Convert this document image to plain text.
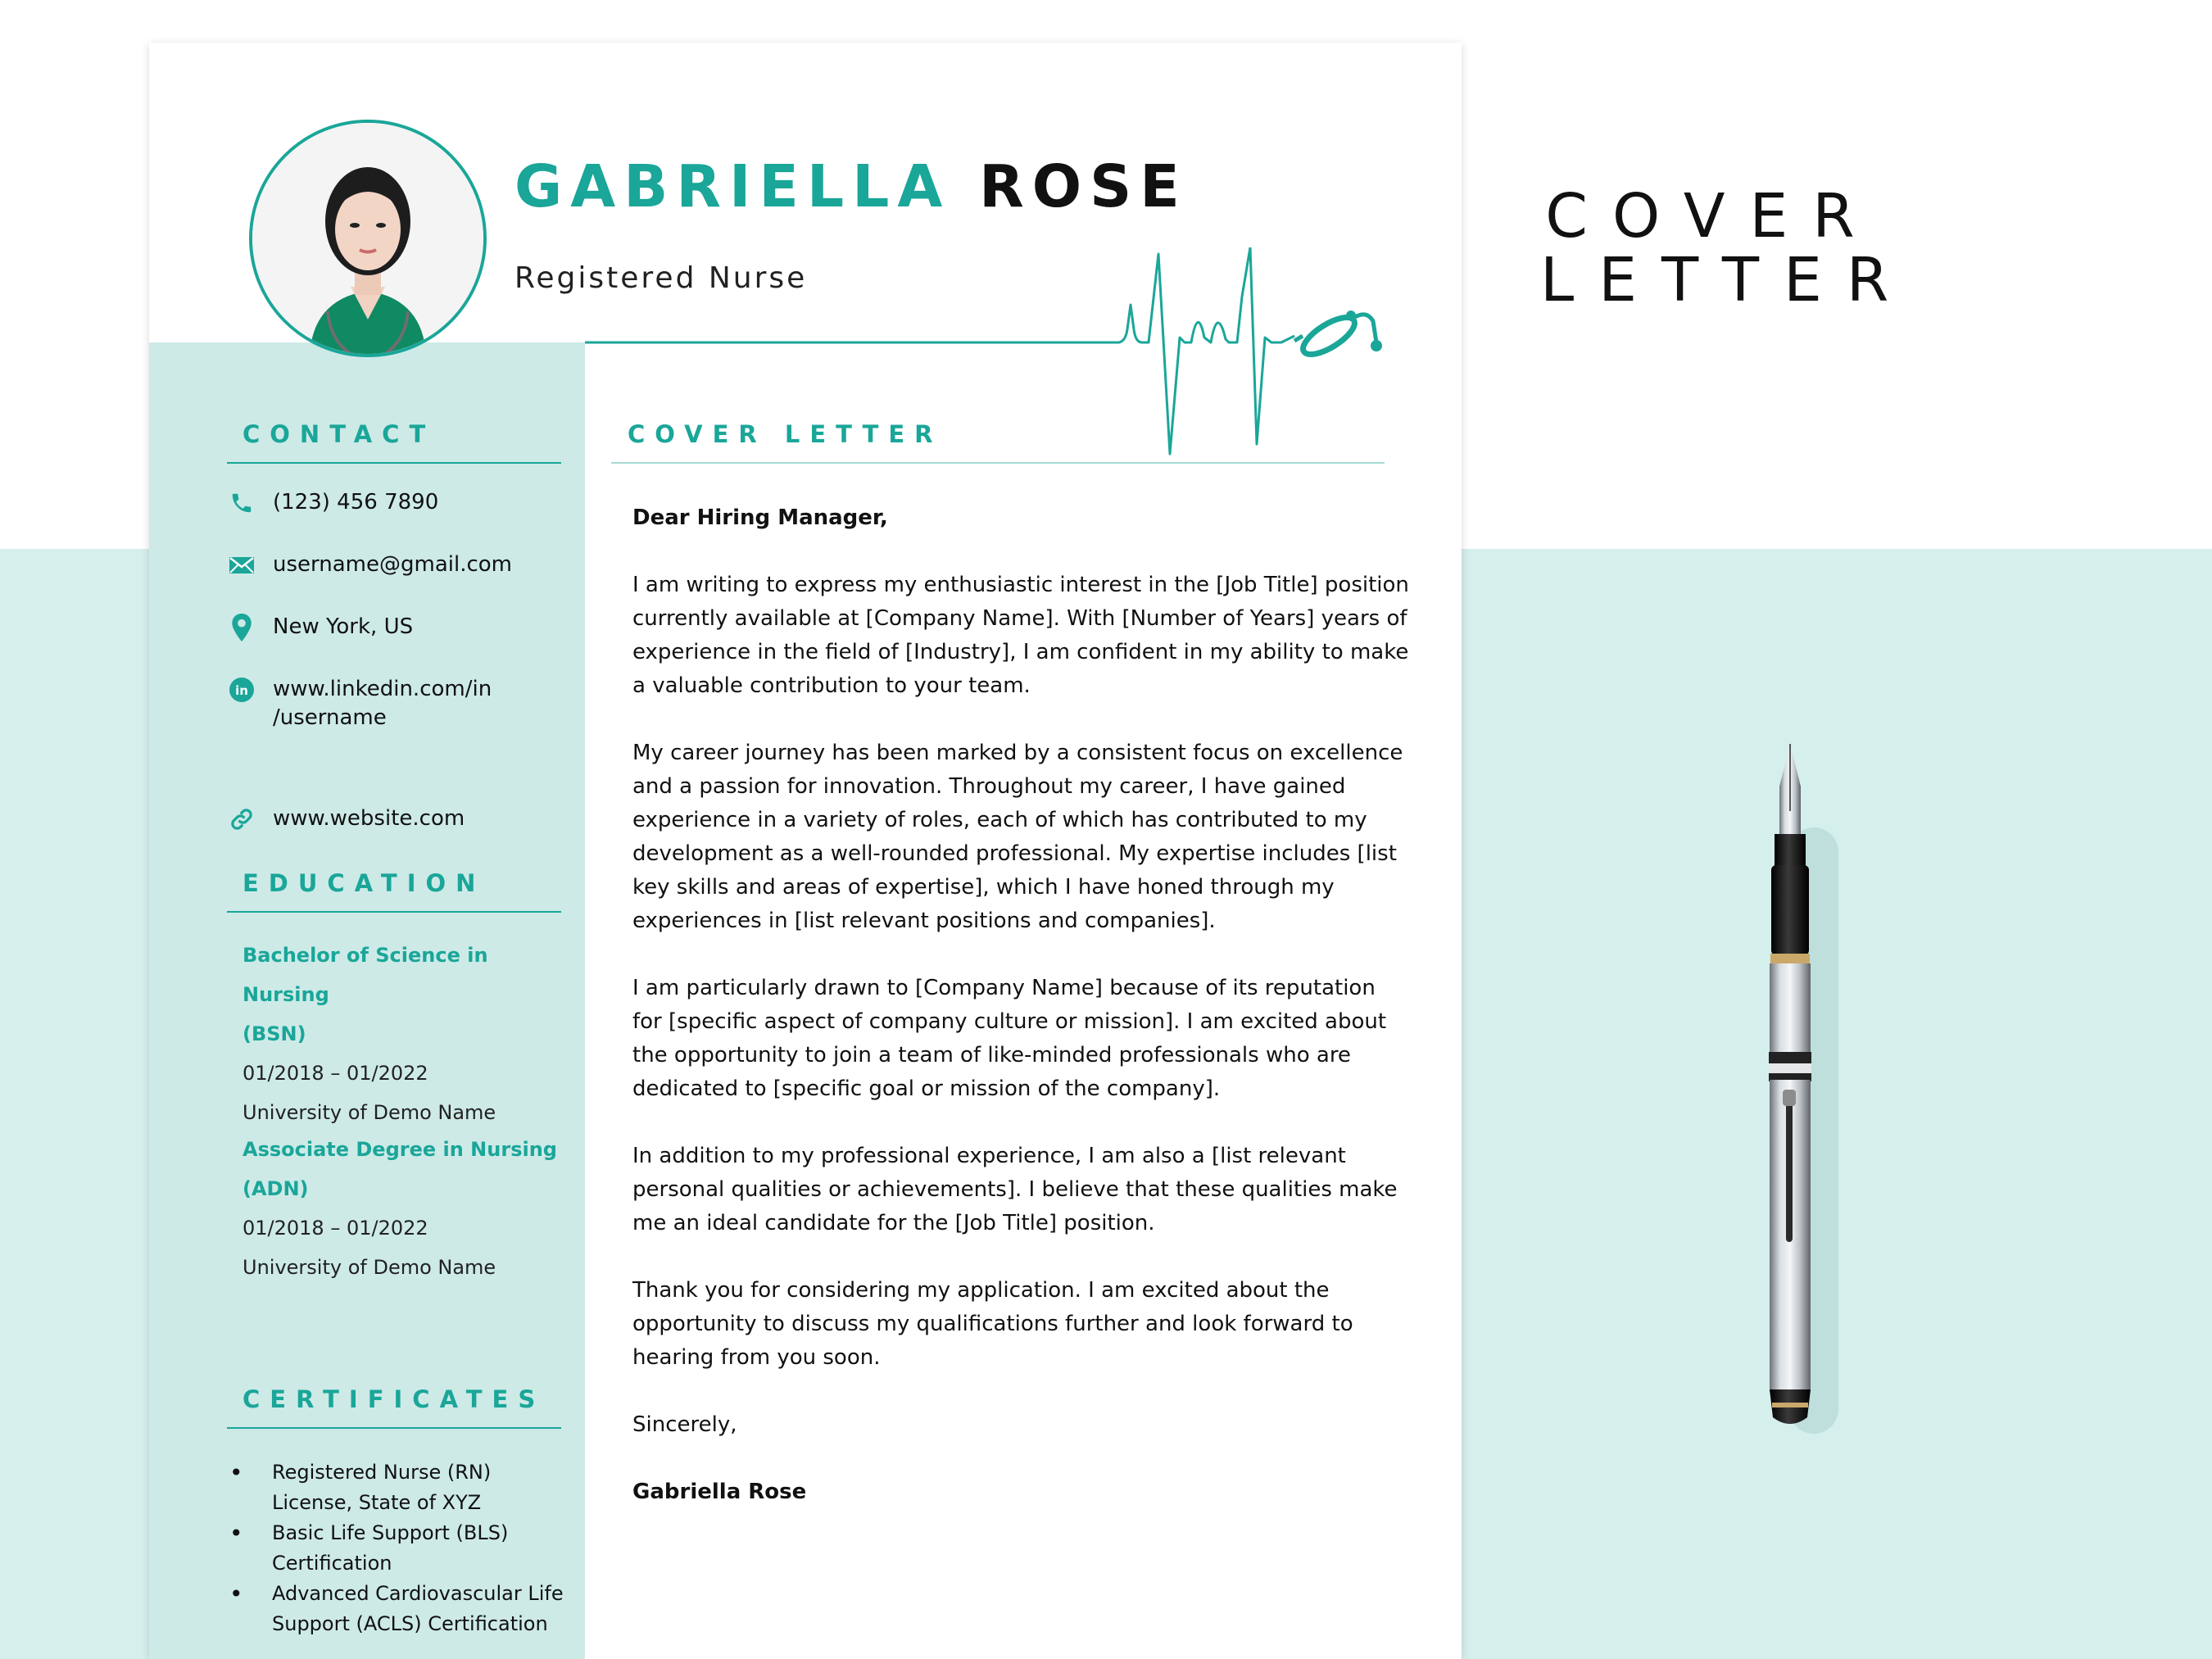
GABRIELLA ROSE

Registered Nurse

CONTACT
(123) 456 7890
username@gmail.com
New York, US
in www.linkedin.com/in
/username
www.website.com
EDUCATION

Bachelor of Science in Nursing

(BSN)

01/2018 – 01/2022

University of Demo Name

Associate Degree in Nursing

(ADN)

01/2018 – 01/2022

University of Demo Name

CERTIFICATES
• Registered Nurse (RN) License, State of XYZ
• Basic Life Support (BLS) Certification
• Advanced Cardiovascular Life Support (ACLS) Certification
COVER LETTER

Dear Hiring Manager,

I am writing to express my enthusiastic interest in the [Job Title] position currently available at [Company Name]. With [Number of Years] years of experience in the field of [Industry], I am confident in my ability to make a valuable contribution to your team.

My career journey has been marked by a consistent focus on excellence and a passion for innovation. Throughout my career, I have gained experience in a variety of roles, each of which has contributed to my development as a well-rounded professional. My expertise includes [list key skills and areas of expertise], which I have honed through my experiences in [list relevant positions and companies].

I am particularly drawn to [Company Name] because of its reputation for [specific aspect of company culture or mission]. I am excited about the opportunity to join a team of like-minded professionals who are dedicated to [specific goal or mission of the company].

In addition to my professional experience, I am also a [list relevant personal qualities or achievements]. I believe that these qualities make me an ideal candidate for the [Job Title] position.

Thank you for considering my application. I am excited about the opportunity to discuss my qualifications further and look forward to hearing from you soon.

Sincerely,

Gabriella Rose

COVER
LETTER
